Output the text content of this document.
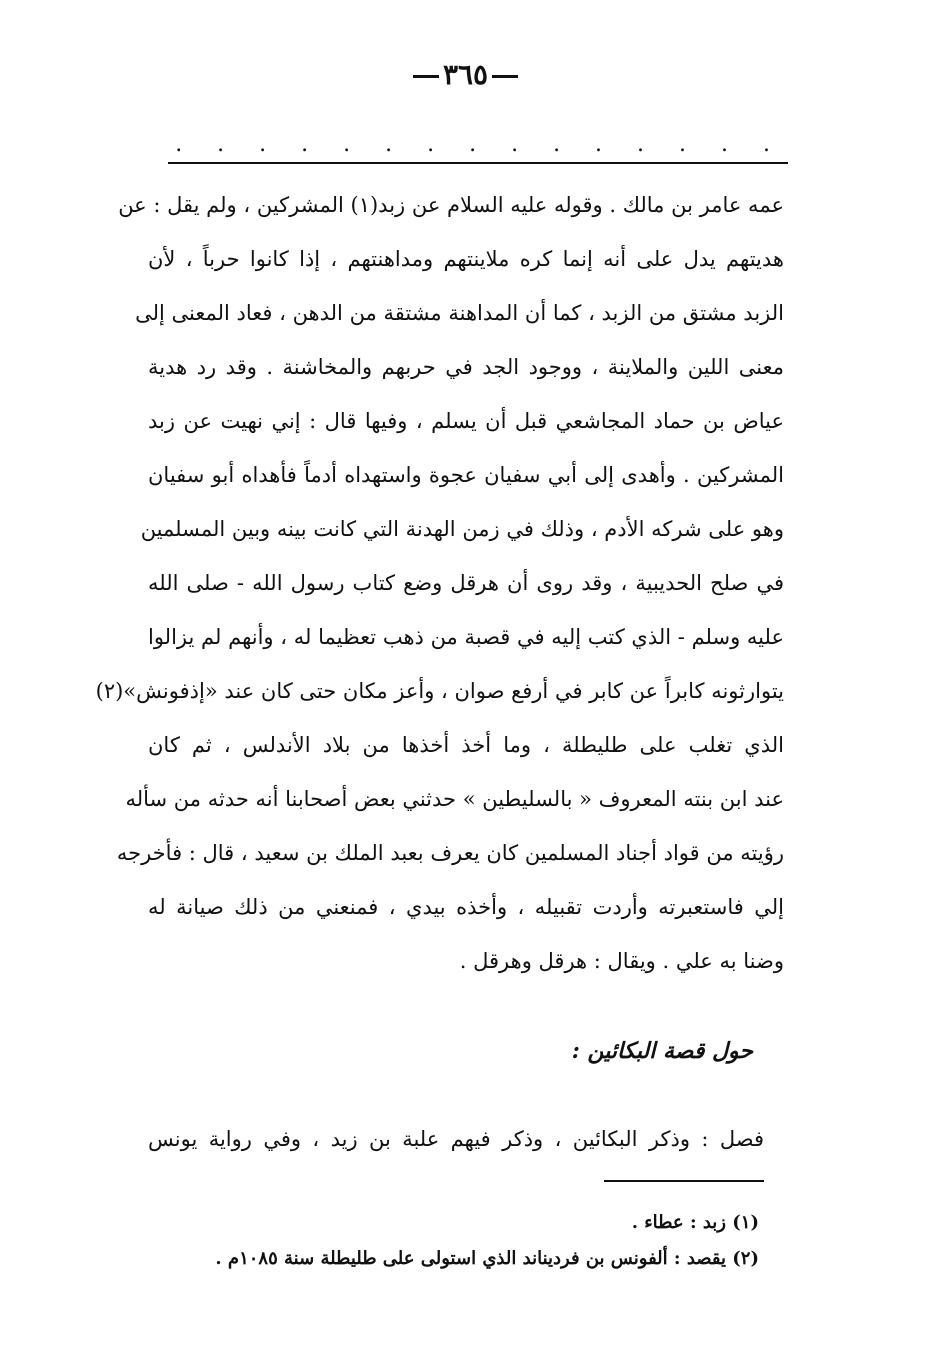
٣٦٥
. . . . . . . . . . . . . . .
عمه عامر بن مالك . وقوله عليه السلام عن زبد(١) المشركين ، ولم يقل : عن
هديتهم يدل على أنه إنما كره ملاينتهم ومداهنتهم ، إذا كانوا حرباً ، لأن
الزبد مشتق من الزبد ، كما أن المداهنة مشتقة من الدهن ، فعاد المعنى إلى
معنى اللين والملاينة ، ووجود الجد في حربهم والمخاشنة . وقد رد هدية
عياض بن حماد المجاشعي قبل أن يسلم ، وفيها قال : إني نهيت عن زبد
المشركين . وأهدى إلى أبي سفيان عجوة واستهداه أدماً فأهداه أبو سفيان
وهو على شركه الأدم ، وذلك في زمن الهدنة التي كانت بينه وبين المسلمين
في صلح الحديبية ، وقد روى أن هرقل وضع كتاب رسول الله - صلى الله
عليه وسلم - الذي كتب إليه في قصبة من ذهب تعظيما له ، وأنهم لم يزالوا
يتوارثونه كابراً عن كابر في أرفع صوان ، وأعز مكان حتى كان عند «إذفونش»(٢)
الذي تغلب على طليطلة ، وما أخذ أخذها من بلاد الأندلس ، ثم كان
عند ابن بنته المعروف « بالسليطين » حدثني بعض أصحابنا أنه حدثه من سأله
رؤيته من قواد أجناد المسلمين كان يعرف بعبد الملك بن سعيد ، قال : فأخرجه
إلي فاستعبرته وأردت تقبيله ، وأخذه بيدي ، فمنعني من ذلك صيانة له
وضنا به علي . ويقال : هرقل وهرقل .
حول قصة البكائين :
فصل : وذكر البكائين ، وذكر فيهم علبة بن زيد ، وفي رواية يونس
(١) زبد : عطاء .
(٢) يقصد : ألفونس بن فرديناند الذي استولى على طليطلة سنة ١٠٨٥م .
